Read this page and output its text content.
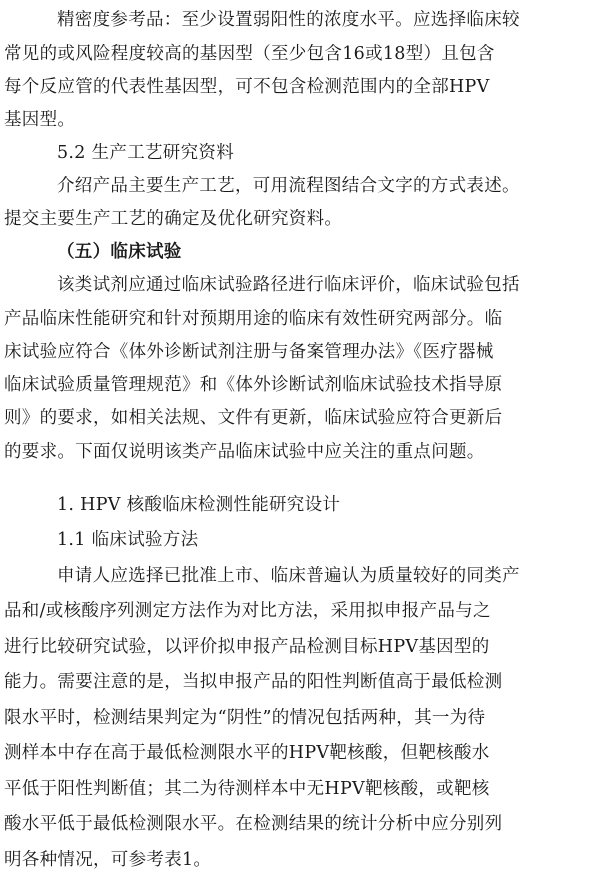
精密度参考品：至少设置弱阳性的浓度水平。应选择临床较
常见的或风险程度较高的基因型（至少包含16或18型）且包含
每个反应管的代表性基因型，可不包含检测范围内的全部HPV
基因型。
5.2 生产工艺研究资料
介绍产品主要生产工艺，可用流程图结合文字的方式表述。
提交主要生产工艺的确定及优化研究资料。
（五）临床试验
该类试剂应通过临床试验路径进行临床评价，临床试验包括
产品临床性能研究和针对预期用途的临床有效性研究两部分。临
床试验应符合《体外诊断试剂注册与备案管理办法》《医疗器械
临床试验质量管理规范》和《体外诊断试剂临床试验技术指导原
则》的要求，如相关法规、文件有更新，临床试验应符合更新后
的要求。下面仅说明该类产品临床试验中应关注的重点问题。
1. HPV 核酸临床检测性能研究设计
1.1 临床试验方法
申请人应选择已批准上市、临床普遍认为质量较好的同类产
品和/或核酸序列测定方法作为对比方法，采用拟申报产品与之
进行比较研究试验，以评价拟申报产品检测目标HPV基因型的
能力。需要注意的是，当拟申报产品的阳性判断值高于最低检测
限水平时，检测结果判定为“阴性”的情况包括两种，其一为待
测样本中存在高于最低检测限水平的HPV靶核酸，但靶核酸水
平低于阳性判断值；其二为待测样本中无HPV靶核酸，或靶核
酸水平低于最低检测限水平。在检测结果的统计分析中应分别列
明各种情况，可参考表1。
